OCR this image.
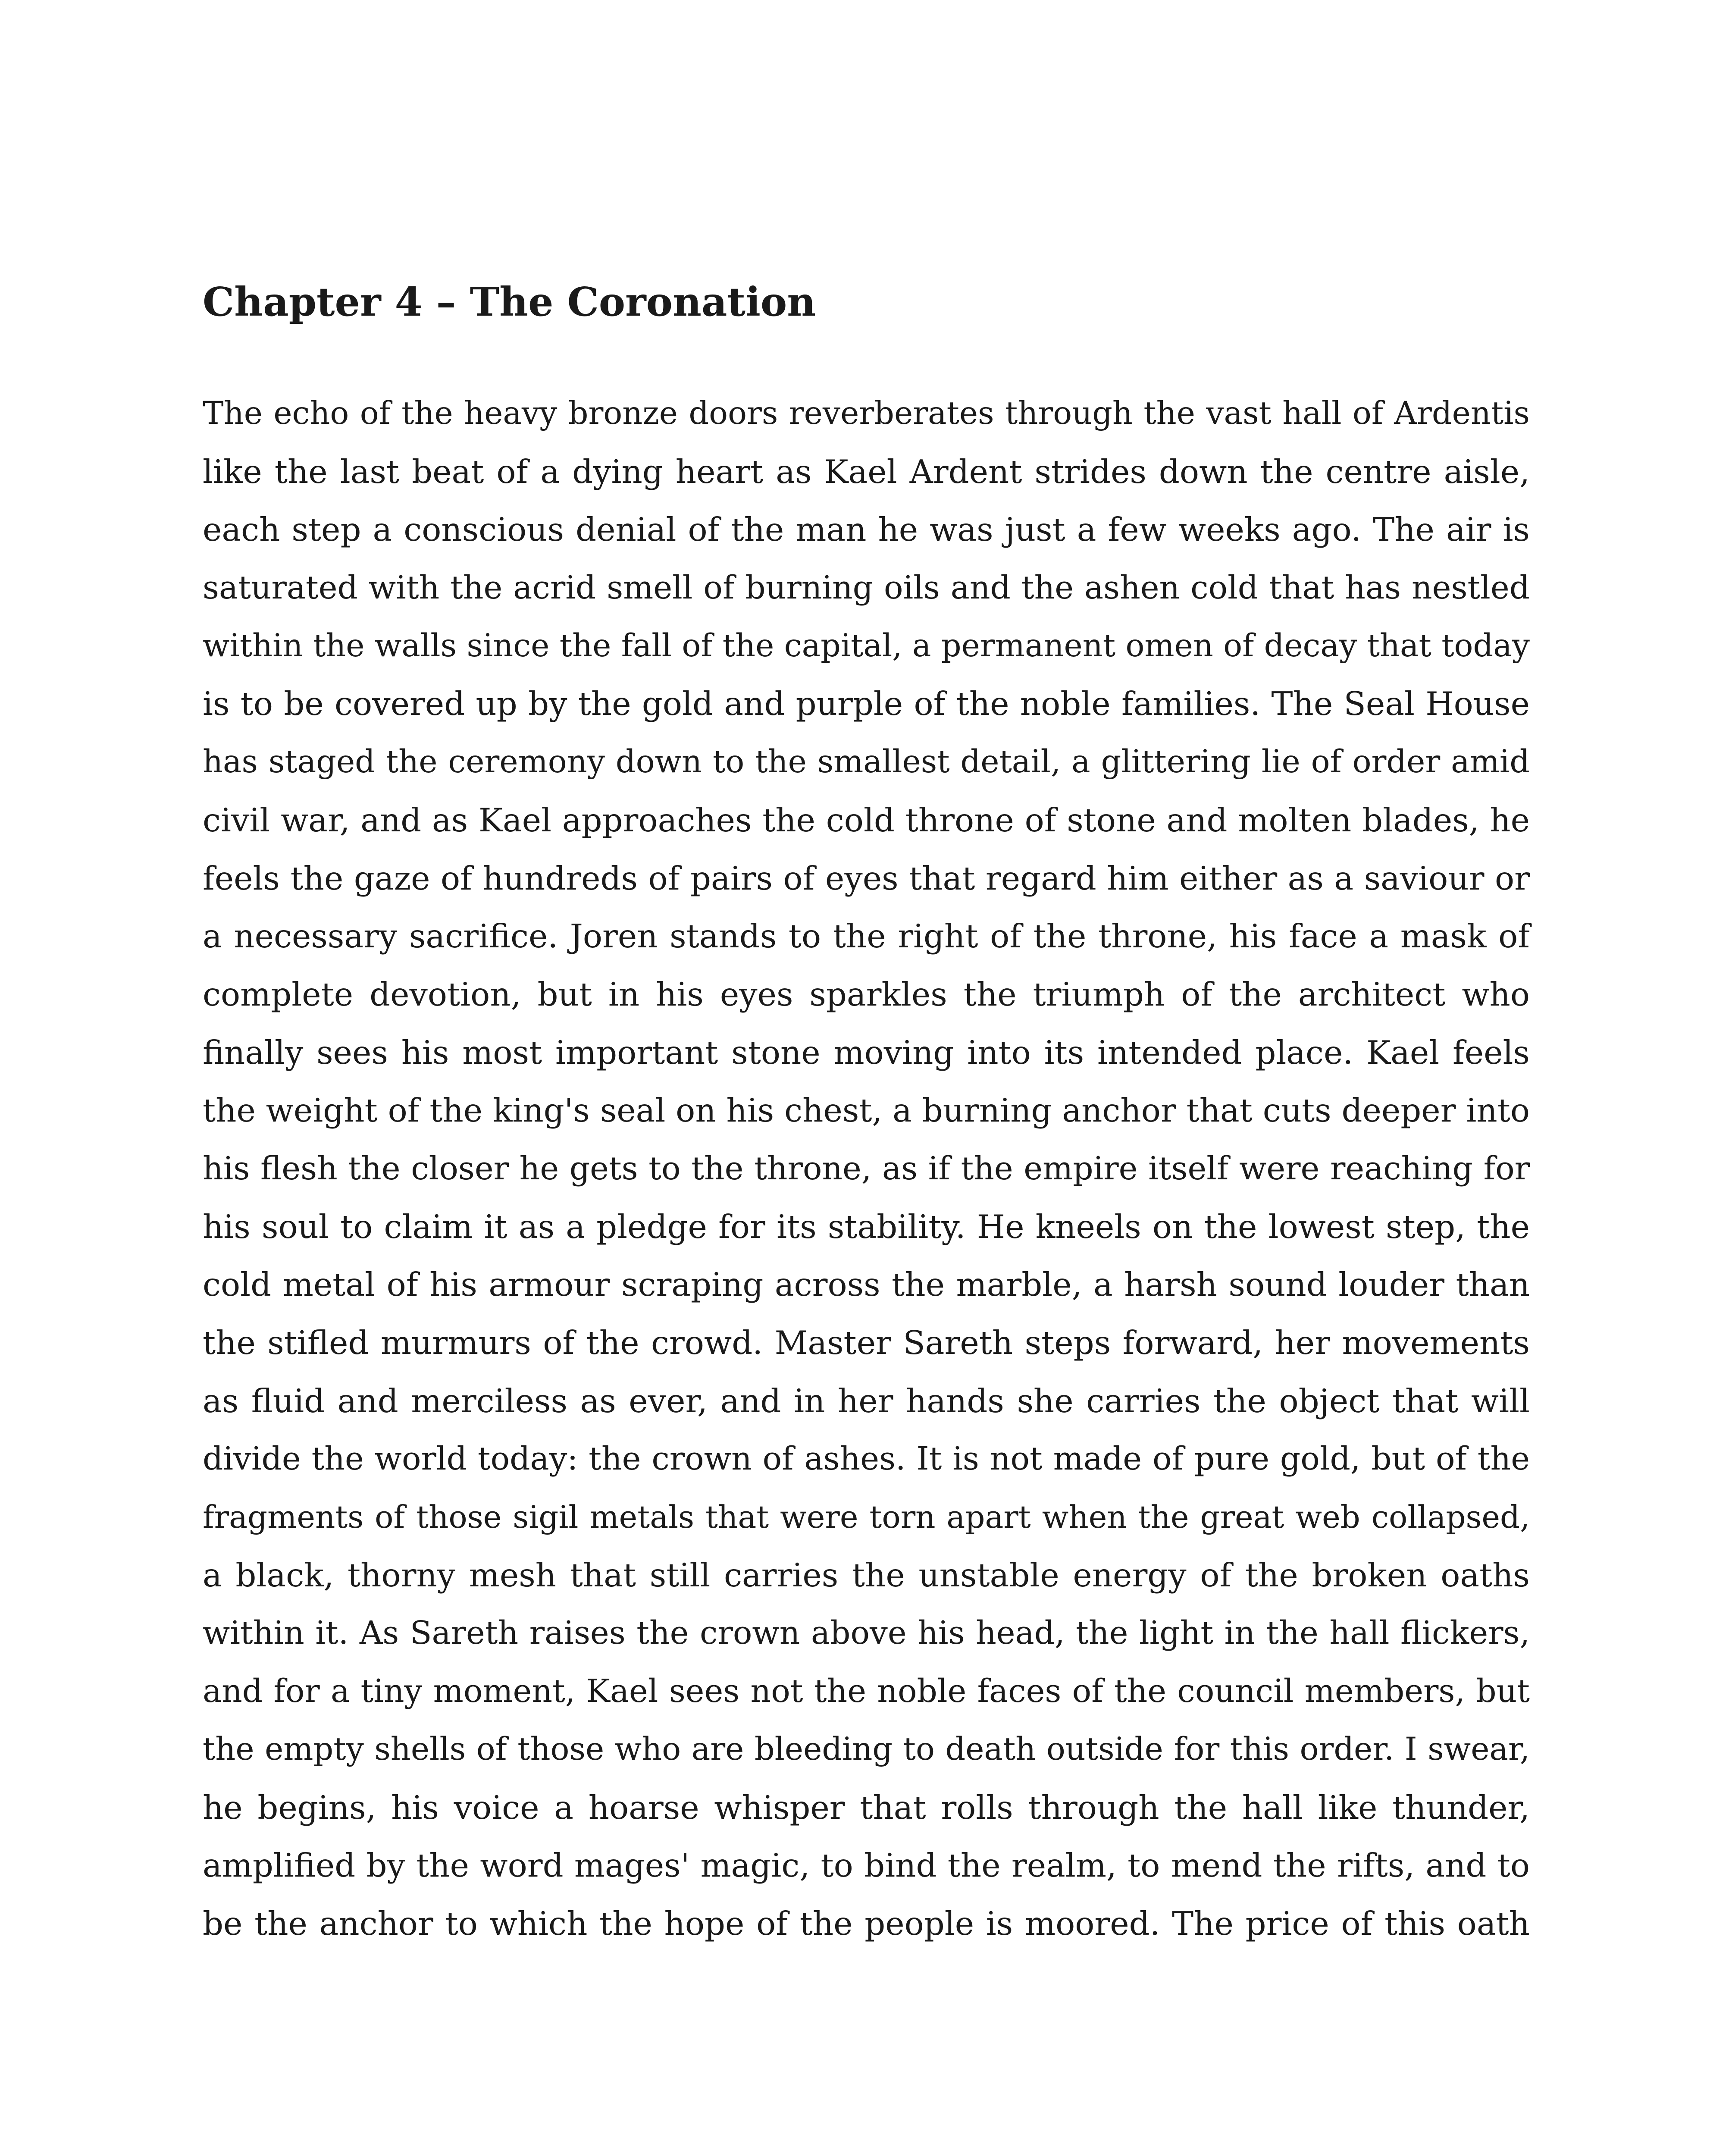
Chapter 4 – The Coronation
The echo of the heavy bronze doors reverberates through the vast hall of Ardentis
like the last beat of a dying heart as Kael Ardent strides down the centre aisle,
each step a conscious denial of the man he was just a few weeks ago. The air is
saturated with the acrid smell of burning oils and the ashen cold that has nestled
within the walls since the fall of the capital, a permanent omen of decay that today
is to be covered up by the gold and purple of the noble families. The Seal House
has staged the ceremony down to the smallest detail, a glittering lie of order amid
civil war, and as Kael approaches the cold throne of stone and molten blades, he
feels the gaze of hundreds of pairs of eyes that regard him either as a saviour or
a necessary sacrifice. Joren stands to the right of the throne, his face a mask of
complete devotion, but in his eyes sparkles the triumph of the architect who
finally sees his most important stone moving into its intended place. Kael feels
the weight of the king's seal on his chest, a burning anchor that cuts deeper into
his flesh the closer he gets to the throne, as if the empire itself were reaching for
his soul to claim it as a pledge for its stability. He kneels on the lowest step, the
cold metal of his armour scraping across the marble, a harsh sound louder than
the stifled murmurs of the crowd. Master Sareth steps forward, her movements
as fluid and merciless as ever, and in her hands she carries the object that will
divide the world today: the crown of ashes. It is not made of pure gold, but of the
fragments of those sigil metals that were torn apart when the great web collapsed,
a black, thorny mesh that still carries the unstable energy of the broken oaths
within it. As Sareth raises the crown above his head, the light in the hall flickers,
and for a tiny moment, Kael sees not the noble faces of the council members, but
the empty shells of those who are bleeding to death outside for this order. I swear,
he begins, his voice a hoarse whisper that rolls through the hall like thunder,
amplified by the word mages' magic, to bind the realm, to mend the rifts, and to
be the anchor to which the hope of the people is moored. The price of this oath
